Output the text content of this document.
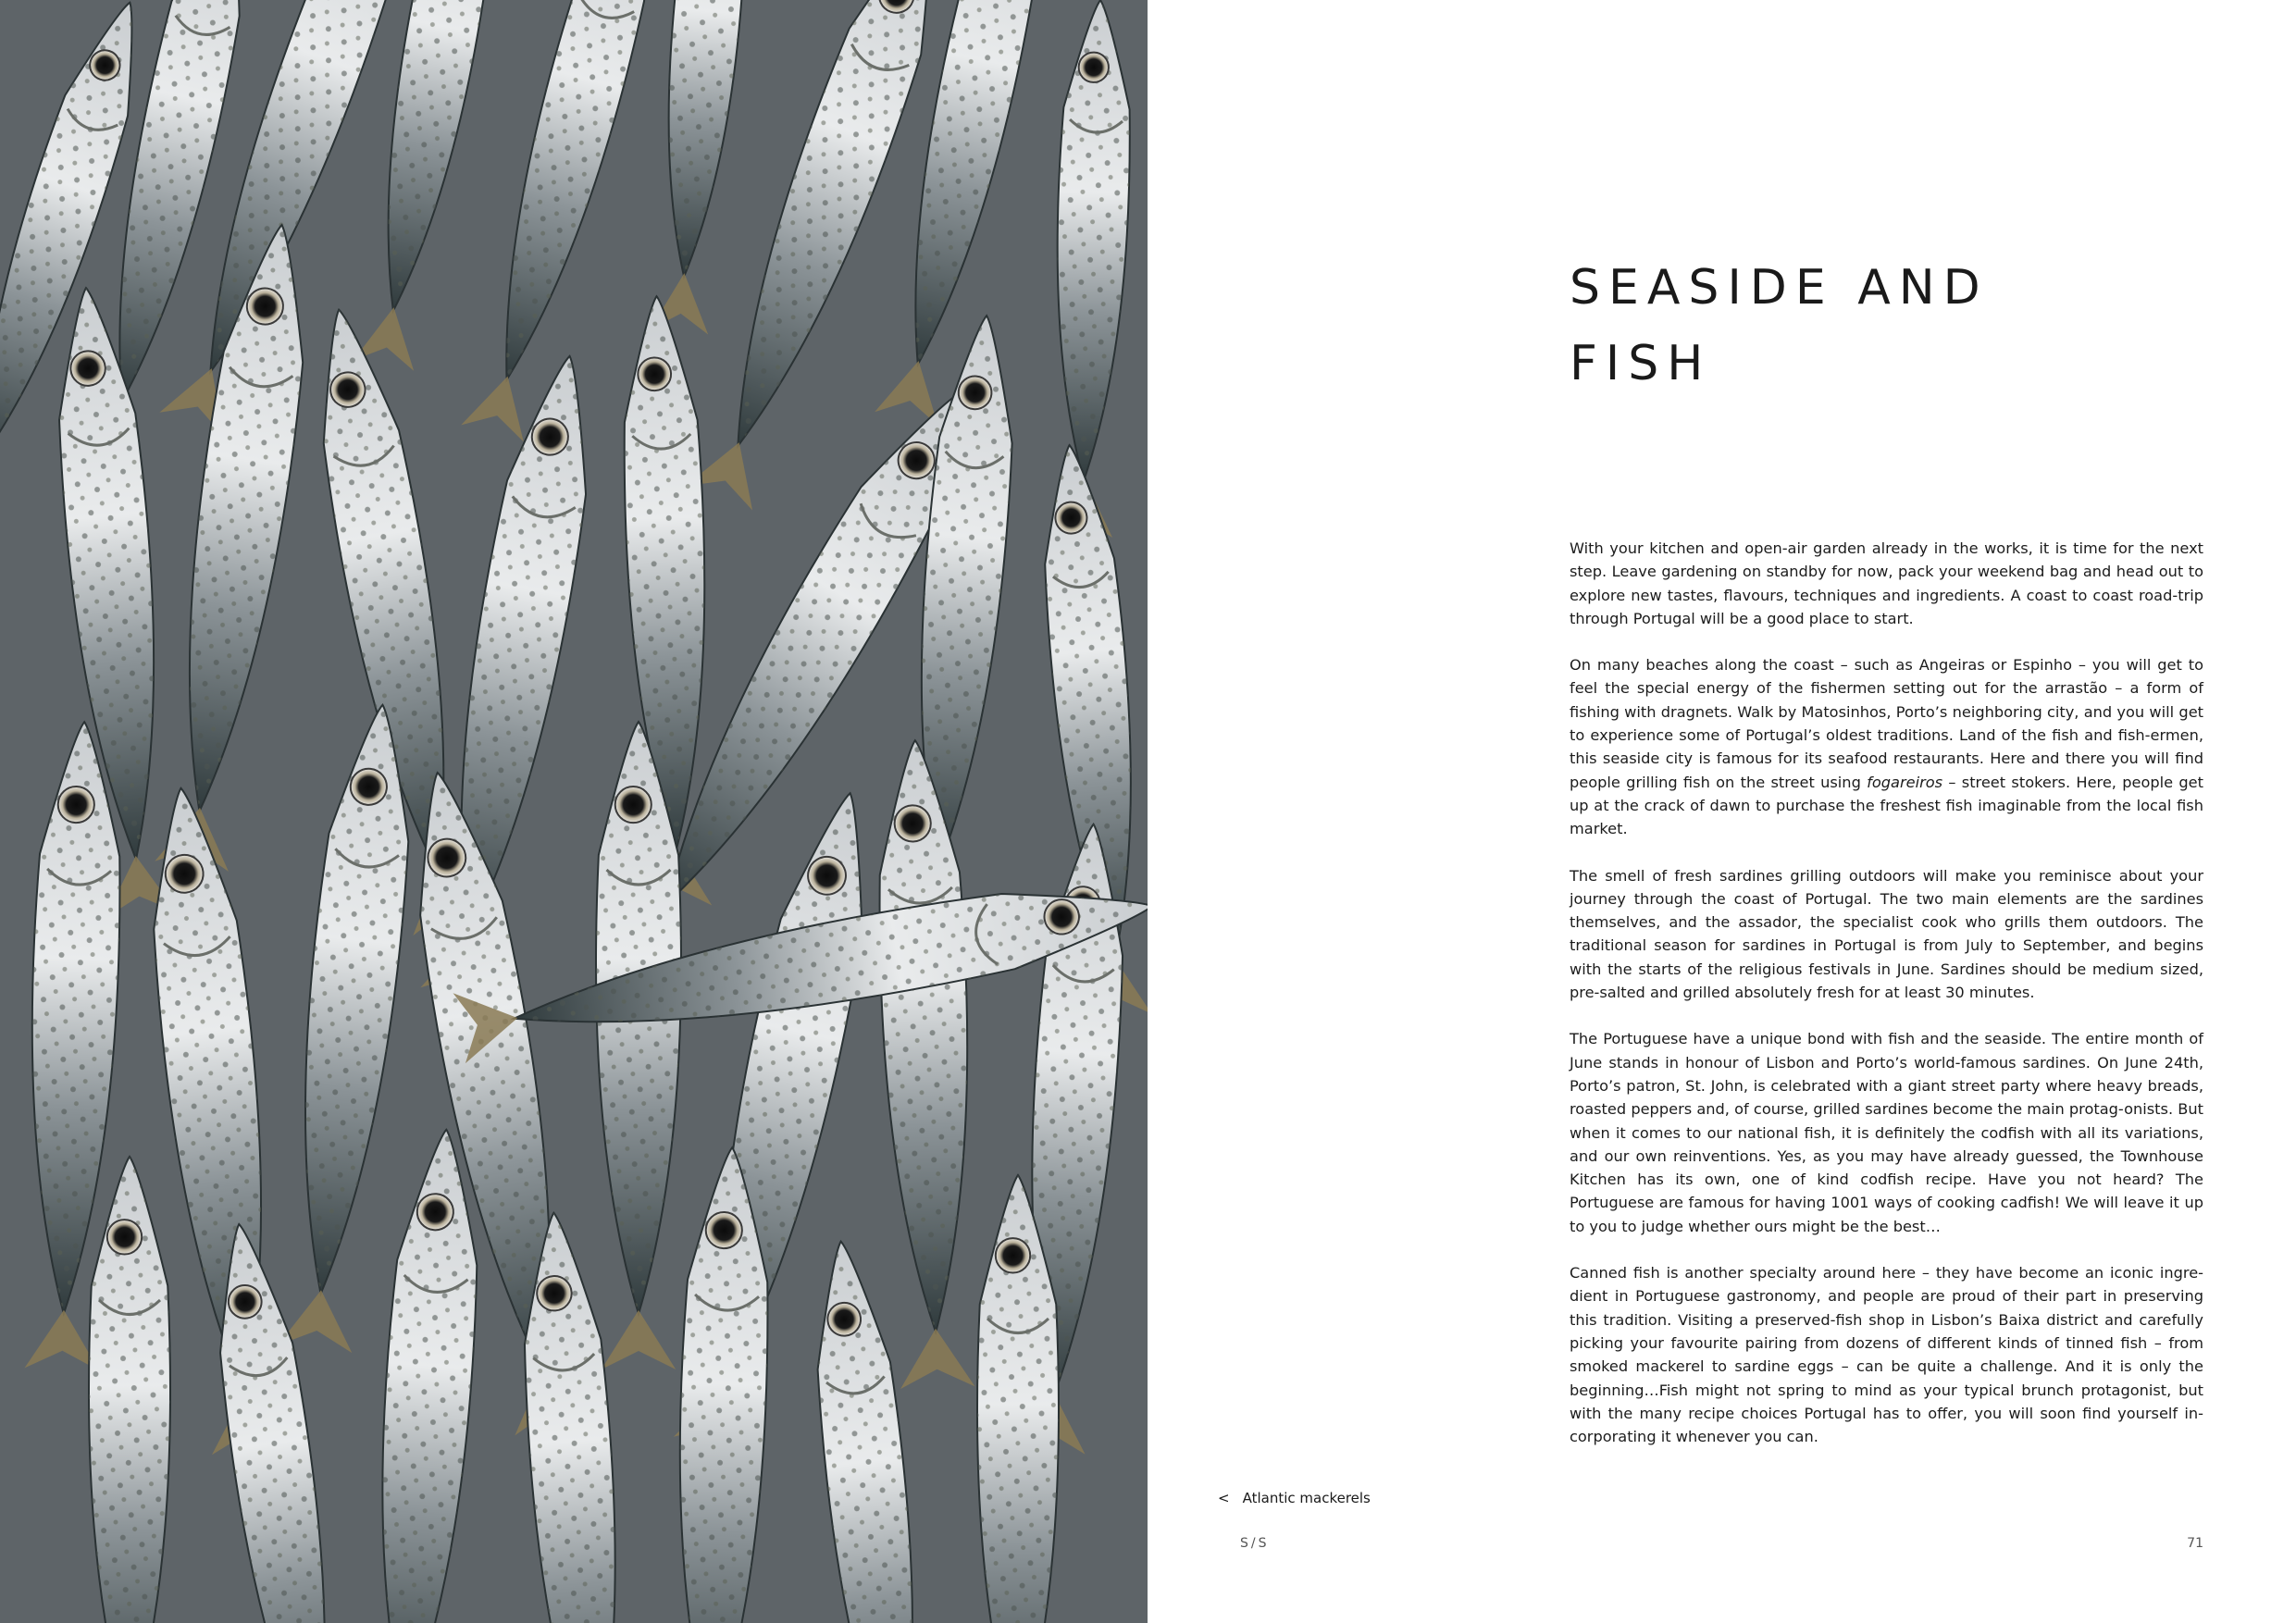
SEASIDE AND
FISH

With your kitchen and open-air garden already in the works, it is time for the next step. Leave gardening on standby for now, pack your weekend bag and head out to explore new tastes, flavours, techniques and ingredients. A coast to coast road-trip through Portugal will be a good place to start.

On many beaches along the coast – such as Angeiras or Espinho – you will get to feel the special energy of the fishermen setting out for the arrastão – a form of fishing with dragnets. Walk by Matosinhos, Porto’s neighboring city, and you will get to experience some of Portugal’s oldest traditions. Land of the fish and fish-ermen, this seaside city is famous for its seafood restaurants. Here and there you will find people grilling fish on the street using fogareiros – street stokers. Here, people get up at the crack of dawn to purchase the freshest fish imaginable from the local fish market.

The smell of fresh sardines grilling outdoors will make you reminisce about your journey through the coast of Portugal. The two main elements are the sardines themselves, and the assador, the specialist cook who grills them outdoors. The traditional season for sardines in Portugal is from July to September, and begins with the starts of the religious festivals in June. Sardines should be medium sized, pre-salted and grilled absolutely fresh for at least 30 minutes.

The Portuguese have a unique bond with fish and the seaside. The entire month of June stands in honour of Lisbon and Porto’s world-famous sardines. On June 24th, Porto’s patron, St. John, is celebrated with a giant street party where heavy breads, roasted peppers and, of course, grilled sardines become the main protag-onists. But when it comes to our national fish, it is definitely the codfish with all its variations, and our own reinventions. Yes, as you may have already guessed, the Townhouse Kitchen has its own, one of kind codfish recipe. Have you not heard? The Portuguese are famous for having 1001 ways of cooking cadfish! We will leave it up to you to judge whether ours might be the best…

Canned fish is another specialty around here – they have become an iconic ingre-dient in Portuguese gastronomy, and people are proud of their part in preserving this tradition. Visiting a preserved-fish shop in Lisbon’s Baixa district and carefully picking your favourite pairing from dozens of different kinds of tinned fish – from smoked mackerel to sardine eggs – can be quite a challenge. And it is only the beginning…Fish might not spring to mind as your typical brunch protagonist, but with the many recipe choices Portugal has to offer, you will soon find yourself in-corporating it whenever you can.

< Atlantic mackerels
S/S	71
